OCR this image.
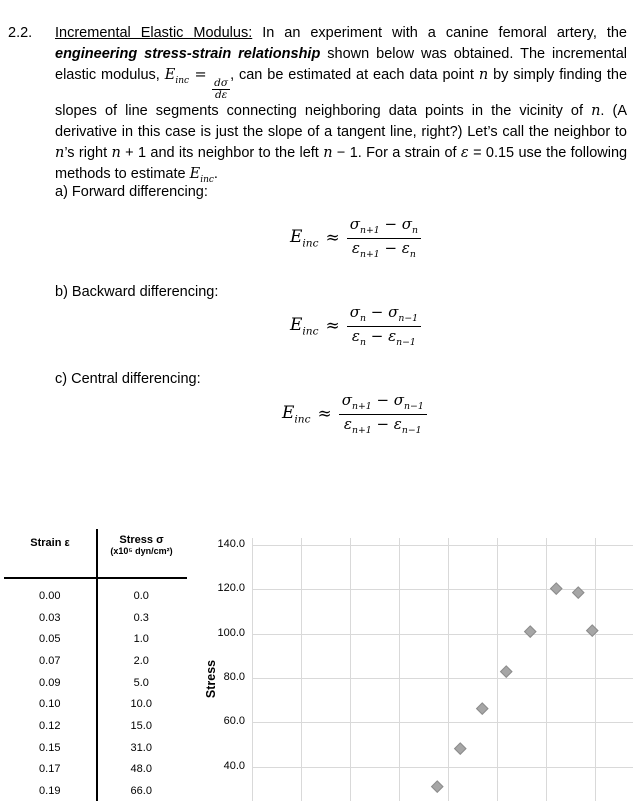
2.2. Incremental Elastic Modulus: In an experiment with a canine femoral artery, the engineering stress-strain relationship shown below was obtained. The incremental elastic modulus, $E_{inc}$ =
$\frac{d\sigma}{d\varepsilon}$
, can be estimated at each data point n by simply finding the slopes of line segments connecting neighboring data points in the vicinity of n. (A derivative in this case is just the slope of a tangent line, right?) Let’s call the neighbor to n’s right n + 1 and its neighbor to the left n − 1. For a strain of ε = 0.15 use the following methods to estimate $E_{inc}$.

a) Forward differencing:
$E_{inc} \approx \frac{\sigma_{n+1} - \sigma_n}{\varepsilon_{n+1} - \varepsilon_n}$
b) Backward differencing:
$E_{inc} \approx \frac{\sigma_n - \sigma_{n-1}}{\varepsilon_n - \varepsilon_{n-1}}$
c) Central differencing:
$E_{inc} \approx \frac{\sigma_{n+1} - \sigma_{n-1}}{\varepsilon_{n+1} - \varepsilon_{n-1}}$
Strain ε	Stress σ
(x10⁵ dyn/cm²)
0.00	0.0
0.03	0.3
0.05	1.0
0.07	2.0
0.09	5.0
0.10	10.0
0.12	15.0
0.15	31.0
0.17	48.0
0.19	66.0
Stress
140.0
120.0
100.0
80.0
60.0
40.0
